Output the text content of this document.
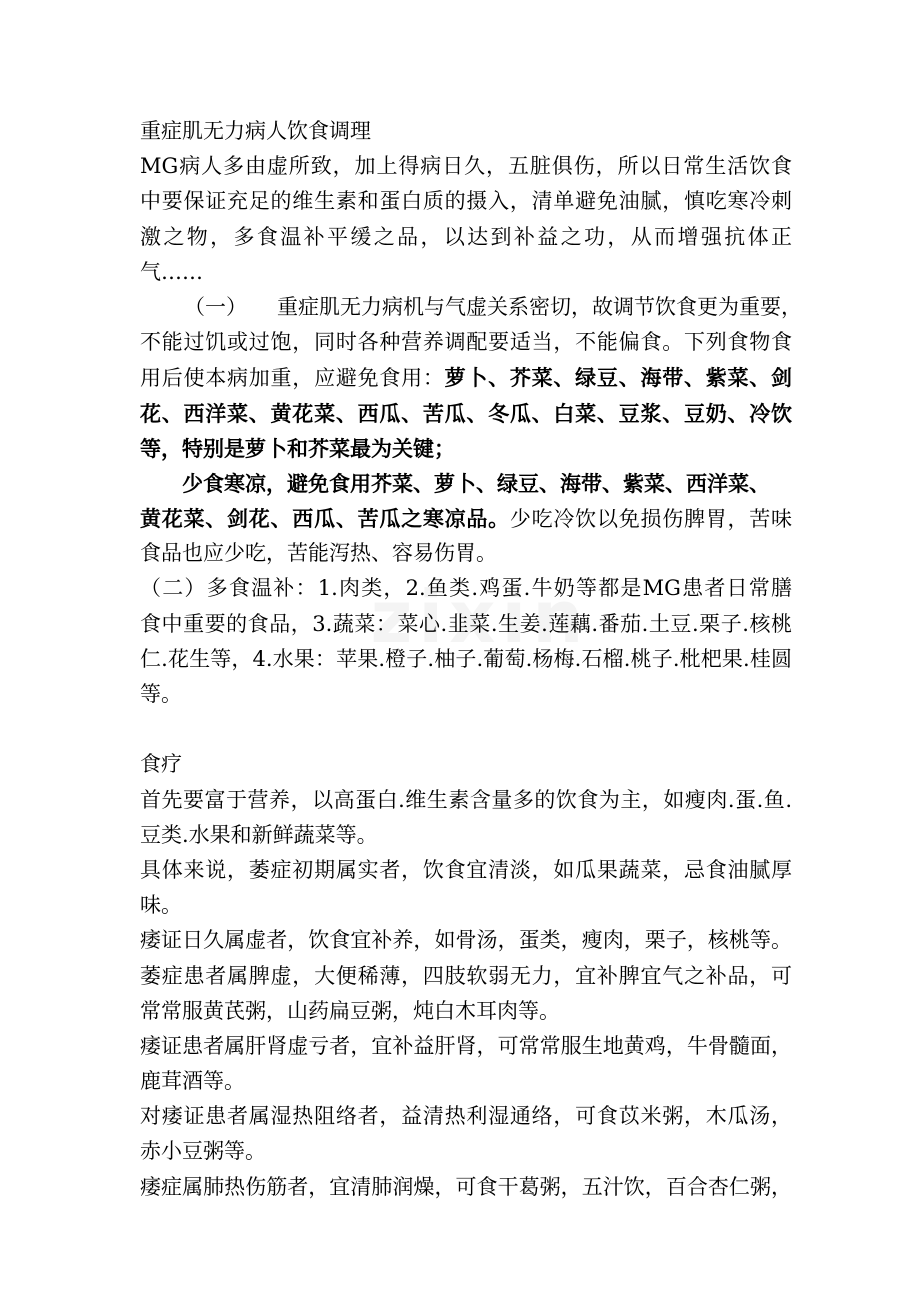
重症肌无力病人饮食调理
MG病人多由虚所致，加上得病日久，五脏俱伤，所以日常生活饮食
中要保证充足的维生素和蛋白质的摄入，清单避免油腻，慎吃寒冷刺
激之物，多食温补平缓之品，以达到补益之功，从而增强抗体正
气……
（一） 重症肌无力病机与气虚关系密切，故调节饮食更为重要，
不能过饥或过饱，同时各种营养调配要适当，不能偏食。下列食物食
用后使本病加重，应避免食用：萝卜、芥菜、绿豆、海带、紫菜、剑
花、西洋菜、黄花菜、西瓜、苦瓜、冬瓜、白菜、豆浆、豆奶、冷饮
等，特别是萝卜和芥菜最为关键；
少食寒凉，避免食用芥菜、萝卜、绿豆、海带、紫菜、西洋菜、
黄花菜、剑花、西瓜、苦瓜之寒凉品。少吃冷饮以免损伤脾胃，苦味
食品也应少吃，苦能泻热、容易伤胃。
（二）多食温补：1.肉类，2.鱼类.鸡蛋.牛奶等都是MG患者日常膳
食中重要的食品，3.蔬菜：菜心.韭菜.生姜.莲藕.番茄.土豆.栗子.核桃
仁.花生等，4.水果：苹果.橙子.柚子.葡萄.杨梅.石榴.桃子.枇杷果.桂圆
等。
食疗
首先要富于营养，以高蛋白.维生素含量多的饮食为主，如瘦肉.蛋.鱼.
豆类.水果和新鲜蔬菜等。
具体来说，萎症初期属实者，饮食宜清淡，如瓜果蔬菜，忌食油腻厚
味。
痿证日久属虚者，饮食宜补养，如骨汤，蛋类，瘦肉，栗子，核桃等。
萎症患者属脾虚，大便稀薄，四肢软弱无力，宜补脾宜气之补品，可
常常服黄芪粥，山药扁豆粥，炖白木耳肉等。
痿证患者属肝肾虚亏者，宜补益肝肾，可常常服生地黄鸡，牛骨髓面，
鹿茸酒等。
对痿证患者属湿热阻络者，益清热利湿通络，可食苡米粥，木瓜汤，
赤小豆粥等。
痿症属肺热伤筋者，宜清肺润燥，可食干葛粥，五汁饮，百合杏仁粥，
